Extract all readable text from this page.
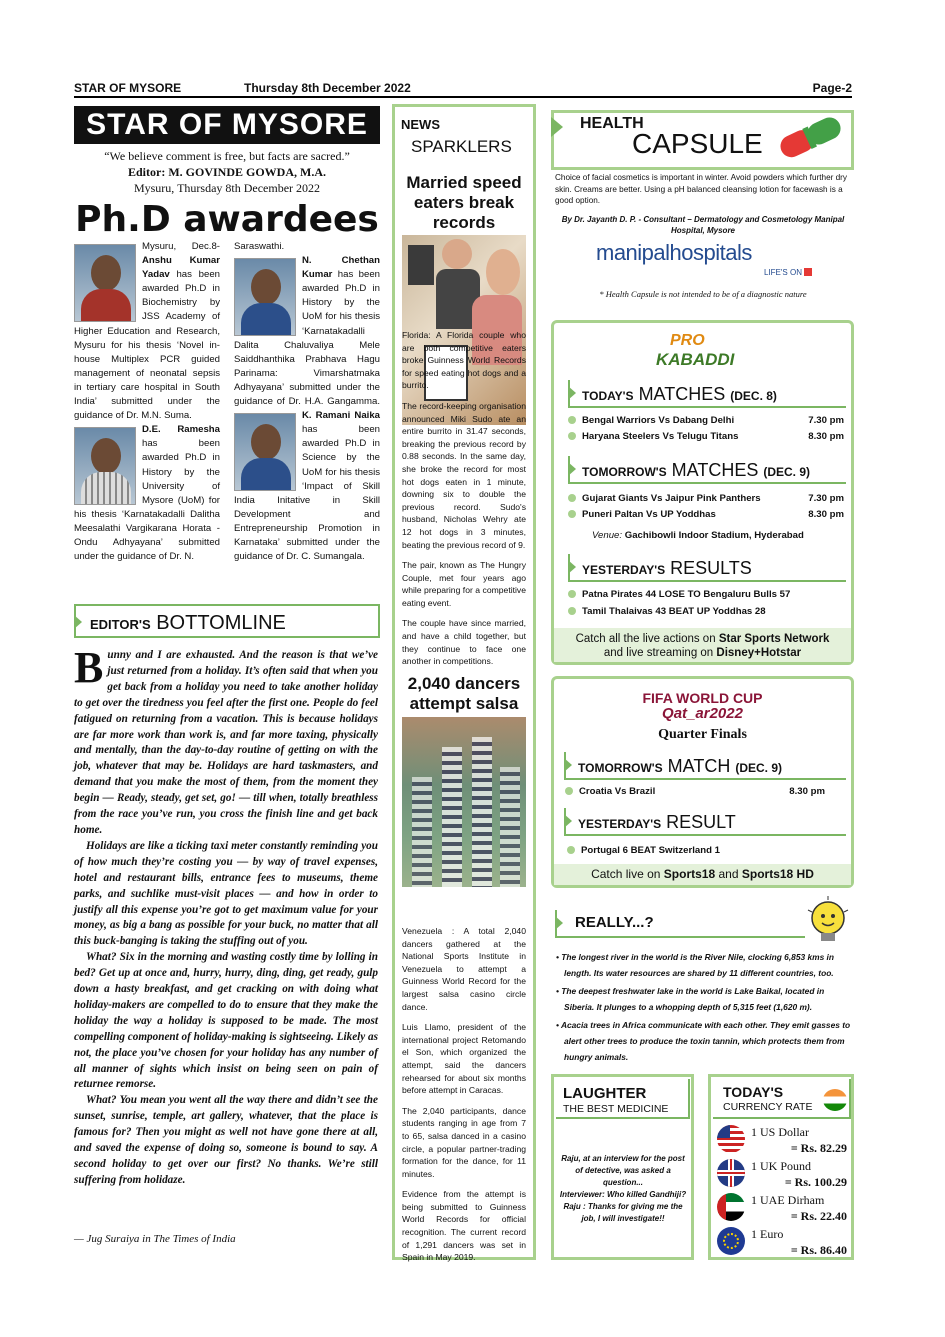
STAR OF MYSORE	Thursday 8th December 2022	Page-2
STAR OF MYSORE
“We believe comment is free, but facts are sacred.”
Editor: M. GOVINDE GOWDA, M.A.
Mysuru, Thursday 8th December 2022
Ph.D awardees
Mysuru, Dec.8-
Anshu Kumar Yadav has been awarded Ph.D in Biochemistry by JSS Academy of Higher Education and Research, Mysuru for his thesis ‘Novel in-house Multiplex PCR guided management of neonatal sepsis in tertiary care hospital in South India’ submitted under the guidance of Dr. M.N. Suma.
D.E. Ramesha has been awarded Ph.D in History by the University of Mysore (UoM) for his thesis ‘Karnatakadalli Dalitha Meesalathi Vargikarana Horata - Ondu Adhyayana’ submitted under the guidance of Dr. N.
Saraswathi.

N. Chethan Kumar has been awarded Ph.D in History by the UoM for his thesis ‘Karnatakadalli Dalita Chaluvaliya Mele Saiddhanthika Prabhava Hagu Parinama: Vimarshatmaka Adhyayana’ submitted under the guidance of Dr. H.A. Gangamma.
K. Ramani Naika has been awarded Ph.D in Science by the UoM for his thesis ‘Impact of Skill India Initative in Skill Development and Entrepreneurship Promotion in Karnataka’ submitted under the guidance of Dr. C. Sumangala.
EDITOR'S BOTTOMLINE

Bunny and I are exhausted. And the reason is that we’ve just returned from a holiday. It’s often said that when you get back from a holiday you need to take another holiday to get over the tiredness you feel after the first one. People do feel fatigued on returning from a vacation. This is because holidays are far more work than work is, and far more taxing, physically and mentally, than the day-to-day routine of getting on with the job, whatever that may be. Holidays are hard taskmasters, and demand that you make the most of them, from the moment they begin — Ready, steady, get set, go! — till when, totally breathless from the race you’ve run, you cross the finish line and get back home.

Holidays are like a ticking taxi meter constantly reminding you of how much they’re costing you — by way of travel expenses, hotel and restaurant bills, entrance fees to museums, theme parks, and suchlike must-visit places — and how in order to justify all this expense you’re got to get maximum value for your money, as big a bang as possible for your buck, no matter that all this buck-banging is taking the stuffing out of you.

What? Six in the morning and wasting costly time by lolling in bed? Get up at once and, hurry, hurry, ding, ding, get ready, gulp down a hasty breakfast, and get cracking on with doing what holiday-makers are compelled to do to ensure that they make the holiday the way a holiday is supposed to be made. The most compelling component of holiday-making is sightseeing. Likely as not, the place you’ve chosen for your holiday has any number of all manner of sights which insist on being seen on pain of returnee remorse.

What? You mean you went all the way there and didn’t see the sunset, sunrise, temple, art gallery, whatever, that the place is famous for? Then you might as well not have gone there at all, and saved the expense of doing so, someone is bound to say. A second holiday to get over our first? No thanks. We’re still suffering from holidaze.

— Jug Suraiya in The Times of India
NEWS
SPARKLERS
Married speed eaters break records

Florida: A Florida couple who are both competitive eaters broke Guinness World Records for speed eating hot dogs and a burrito.

The record-keeping organisation announced Miki Sudo ate an entire burrito in 31.47 seconds, breaking the previous record by 0.88 seconds. In the same day, she broke the record for most hot dogs eaten in 1 minute, downing six to double the previous record. Sudo's husband, Nicholas Wehry ate 12 hot dogs in 3 minutes, beating the previous record of 9.

The pair, known as The Hungry Couple, met four years ago while preparing for a competitive eating event.

The couple have since married, and have a child together, but they continue to face one another in competitions.

2,040 dancers attempt salsa

Venezuela : A total 2,040 dancers gathered at the National Sports Institute in Venezuela to attempt a Guinness World Record for the largest salsa casino circle dance.

Luis Llamo, president of the international project Retomando el Son, which organized the attempt, said the dancers rehearsed for about six months before attempt in Caracas.

The 2,040 participants, dance students ranging in age from 7 to 65, salsa danced in a casino circle, a popular partner-trading formation for the dance, for 11 minutes.

Evidence from the attempt is being submitted to Guinness World Records for official recognition. The current record of 1,291 dancers was set in Spain in May 2019.

HEALTH
CAPSULE
Choice of facial cosmetics is important in winter. Avoid powders which further dry skin. Creams are better. Using a pH balanced cleansing lotion for facewash is a good option.
By Dr. Jayanth D. P. - Consultant – Dermatology and Cosmetology Manipal Hospital, Mysore
manipalhospitals
LIFE'S ON
* Health Capsule is not intended to be of a diagnostic nature
PRO
KABADDI
TODAY'S MATCHES (DEC. 8)
Bengal Warriors Vs Dabang Delhi	7.30 pm
Haryana Steelers Vs Telugu Titans	8.30 pm
TOMORROW'S MATCHES (DEC. 9)
Gujarat Giants Vs Jaipur Pink Panthers	7.30 pm
Puneri Paltan Vs UP Yoddhas	8.30 pm
Venue: Gachibowli Indoor Stadium, Hyderabad
YESTERDAY'S RESULTS
Patna Pirates 44 LOSE TO Bengaluru Bulls 57
Tamil Thalaivas 43 BEAT UP Yoddhas 28
Catch all the live actions on Star Sports Network
and live streaming on Disney+Hotstar
FIFA WORLD CUP
Qat_ar2022
Quarter Finals
TOMORROW'S MATCH (DEC. 9)
Croatia Vs Brazil	8.30 pm
YESTERDAY'S RESULT
Portugal 6 BEAT Switzerland 1
Catch live on Sports18 and Sports18 HD
REALLY...?
• The longest river in the world is the River Nile, clocking 6,853 kms in length. Its water resources are shared by 11 different countries, too.
• The deepest freshwater lake in the world is Lake Baikal, located in Siberia. It plunges to a whopping depth of 5,315 feet (1,620 m).
• Acacia trees in Africa communicate with each other. They emit gasses to alert other trees to produce the toxin tannin, which protects them from hungry animals.
LAUGHTER
THE BEST MEDICINE
Raju, at an interview for the post of detective, was asked a question...
Interviewer: Who killed Gandhiji?
Raju : Thanks for giving me the job, I will investigate!!
TODAY'S
CURRENCY RATE
1 US Dollar
= Rs. 82.29
1 UK Pound
= Rs. 100.29
1 UAE Dirham
= Rs. 22.40
1 Euro
= Rs. 86.40
